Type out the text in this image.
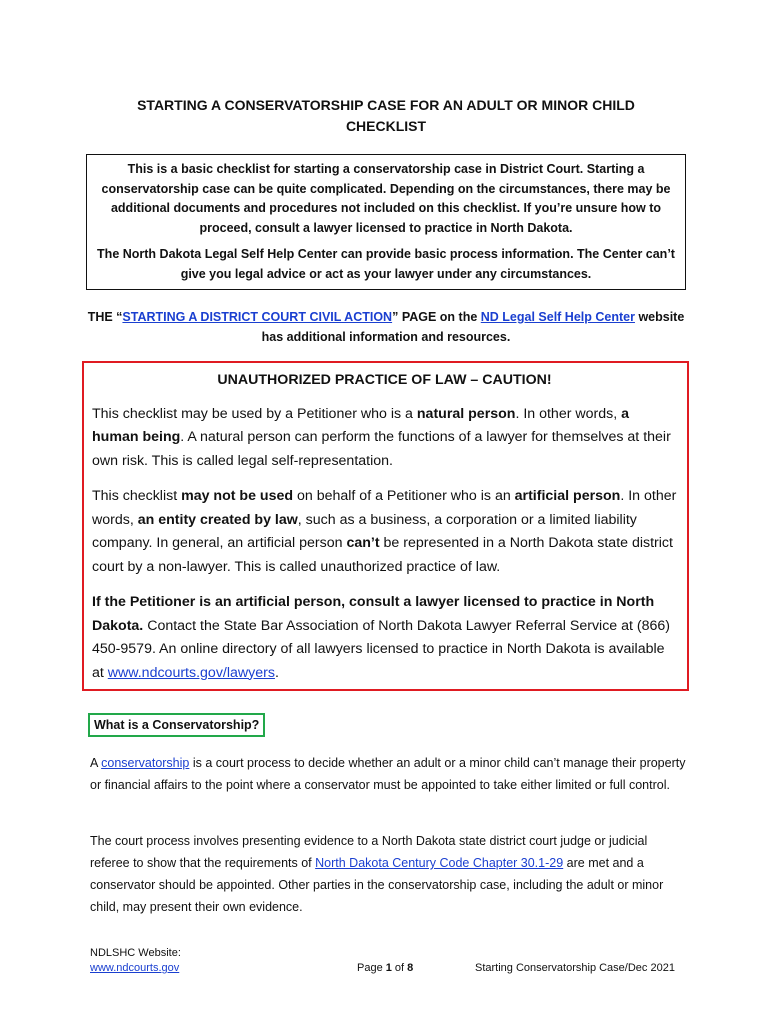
STARTING A CONSERVATORSHIP CASE FOR AN ADULT OR MINOR CHILD
CHECKLIST

This is a basic checklist for starting a conservatorship case in District Court. Starting a conservatorship case can be quite complicated. Depending on the circumstances, there may be additional documents and procedures not included on this checklist. If you’re unsure how to proceed, consult a lawyer licensed to practice in North Dakota.

The North Dakota Legal Self Help Center can provide basic process information. The Center can’t give you legal advice or act as your lawyer under any circumstances.

THE “STARTING A DISTRICT COURT CIVIL ACTION” PAGE on the ND Legal Self Help Center website has additional information and resources.
UNAUTHORIZED PRACTICE OF LAW – CAUTION!

This checklist may be used by a Petitioner who is a natural person. In other words, a human being. A natural person can perform the functions of a lawyer for themselves at their own risk. This is called legal self-representation.

This checklist may not be used on behalf of a Petitioner who is an artificial person. In other words, an entity created by law, such as a business, a corporation or a limited liability company. In general, an artificial person can’t be represented in a North Dakota state district court by a non-lawyer. This is called unauthorized practice of law.

If the Petitioner is an artificial person, consult a lawyer licensed to practice in North Dakota. Contact the State Bar Association of North Dakota Lawyer Referral Service at (866) 450-9579. An online directory of all lawyers licensed to practice in North Dakota is available at www.ndcourts.gov/lawyers.

What is a Conservatorship?
A conservatorship is a court process to decide whether an adult or a minor child can’t manage their property or financial affairs to the point where a conservator must be appointed to take either limited or full control.
The court process involves presenting evidence to a North Dakota state district court judge or judicial referee to show that the requirements of North Dakota Century Code Chapter 30.1-29 are met and a conservator should be appointed. Other parties in the conservatorship case, including the adult or minor child, may present their own evidence.
NDLSHC Website:
www.ndcourts.gov	Page 1 of 8	Starting Conservatorship Case/Dec 2021
